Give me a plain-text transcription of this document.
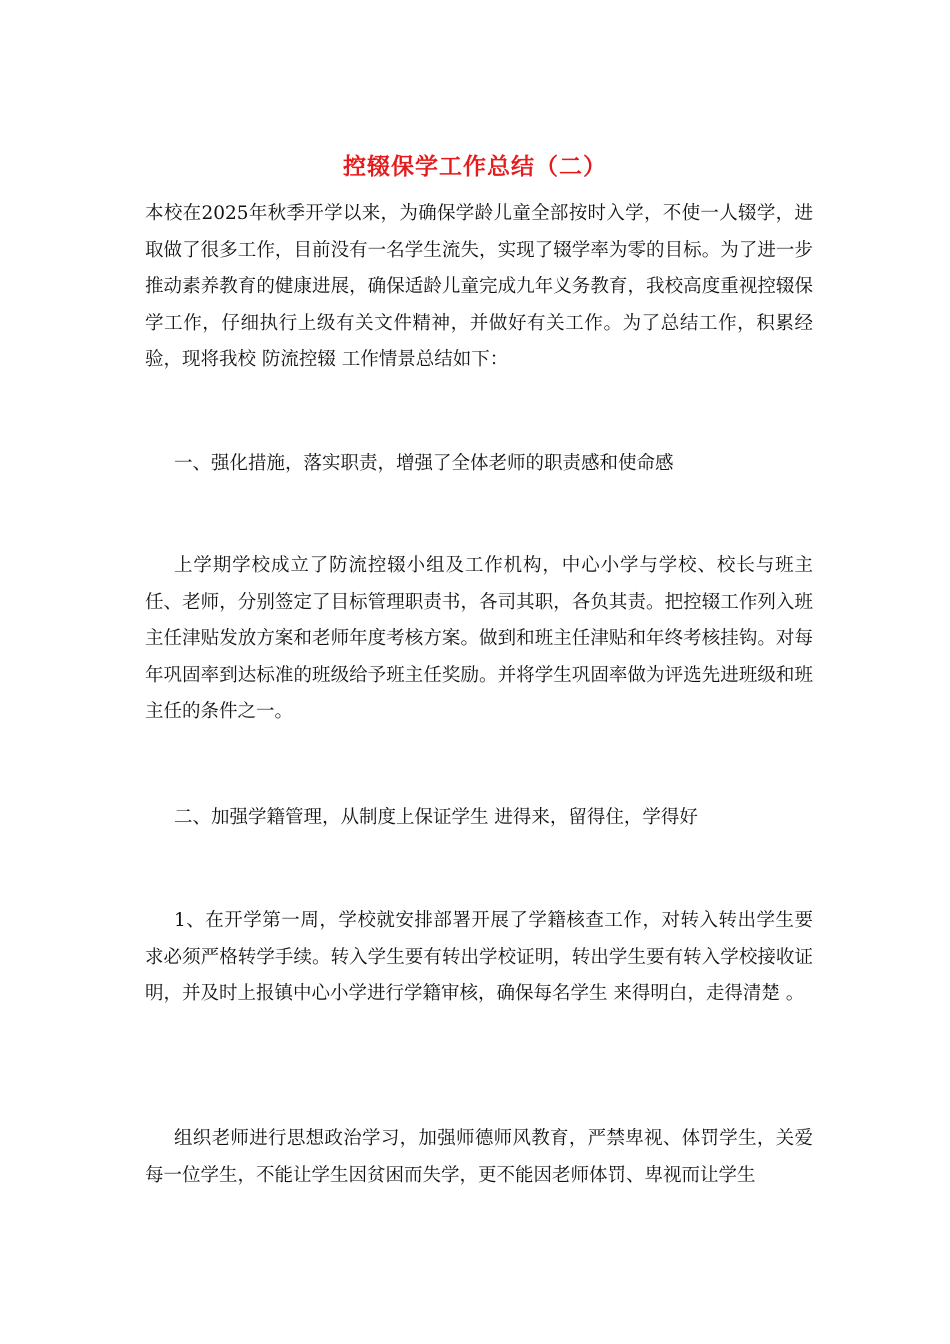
控辍保学工作总结（二）

本校在2025年秋季开学以来，为确保学龄儿童全部按时入学，不使一人辍学，进取做了很多工作，目前没有一名学生流失，实现了辍学率为零的目标。为了进一步推动素养教育的健康进展，确保适龄儿童完成九年义务教育，我校高度重视控辍保学工作，仔细执行上级有关文件精神，并做好有关工作。为了总结工作，积累经验，现将我校 防流控辍 工作情景总结如下：

一、强化措施，落实职责，增强了全体老师的职责感和使命感

上学期学校成立了防流控辍小组及工作机构，中心小学与学校、校长与班主任、老师，分别签定了目标管理职责书，各司其职，各负其责。把控辍工作列入班主任津贴发放方案和老师年度考核方案。做到和班主任津贴和年终考核挂钩。对每年巩固率到达标准的班级给予班主任奖励。并将学生巩固率做为评选先进班级和班主任的条件之一。

二、加强学籍管理，从制度上保证学生 进得来，留得住，学得好

1、在开学第一周，学校就安排部署开展了学籍核查工作，对转入转出学生要求必须严格转学手续。转入学生要有转出学校证明，转出学生要有转入学校接收证明，并及时上报镇中心小学进行学籍审核，确保每名学生 来得明白，走得清楚 。

组织老师进行思想政治学习，加强师德师风教育，严禁卑视、体罚学生，关爱每一位学生，不能让学生因贫困而失学，更不能因老师体罚、卑视而让学生
